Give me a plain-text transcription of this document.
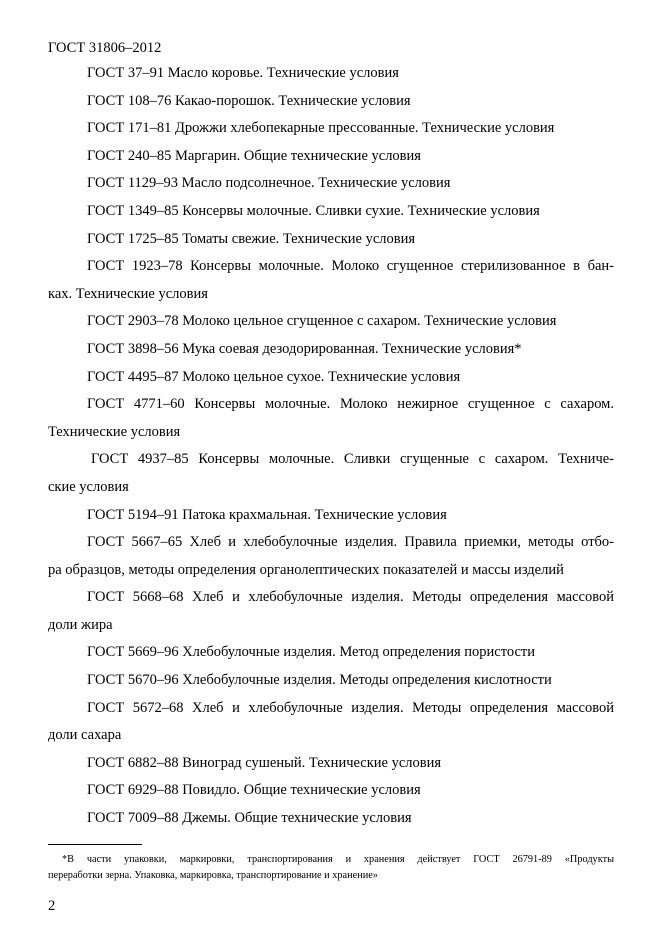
ГОСТ 31806–2012
ГОСТ 37–91 Масло коровье. Технические условия
ГОСТ 108–76 Какао-порошок. Технические условия
ГОСТ 171–81 Дрожжи хлебопекарные прессованные. Технические условия
ГОСТ 240–85 Маргарин. Общие технические условия
ГОСТ 1129–93 Масло подсолнечное. Технические условия
ГОСТ 1349–85 Консервы молочные. Сливки сухие. Технические условия
ГОСТ 1725–85 Томаты свежие. Технические условия
ГОСТ 1923–78 Консервы молочные. Молоко сгущенное стерилизованное в бан-
ках. Технические условия
ГОСТ 2903–78 Молоко цельное сгущенное с сахаром. Технические условия
ГОСТ 3898–56 Мука соевая дезодорированная. Технические условия*
ГОСТ 4495–87 Молоко цельное сухое. Технические условия
ГОСТ 4771–60 Консервы молочные. Молоко нежирное сгущенное с сахаром.
Технические условия
ГОСТ 4937–85 Консервы молочные. Сливки сгущенные с сахаром. Техниче-
ские условия
ГОСТ 5194–91 Патока крахмальная. Технические условия
ГОСТ 5667–65 Хлеб и хлебобулочные изделия. Правила приемки, методы отбо-
ра образцов, методы определения органолептических показателей и массы изделий
ГОСТ 5668–68 Хлеб и хлебобулочные изделия. Методы определения массовой
доли жира
ГОСТ 5669–96 Хлебобулочные изделия. Метод определения пористости
ГОСТ 5670–96 Хлебобулочные изделия. Методы определения кислотности
ГОСТ 5672–68 Хлеб и хлебобулочные изделия. Методы определения массовой
доли сахара
ГОСТ 6882–88 Виноград сушеный. Технические условия
ГОСТ 6929–88 Повидло. Общие технические условия
ГОСТ 7009–88 Джемы. Общие технические условия
*В части упаковки, маркировки, транспортирования и хранения действует ГОСТ 26791-89 «Продукты
переработки зерна. Упаковка, маркировка, транспортирование и хранение»
2
